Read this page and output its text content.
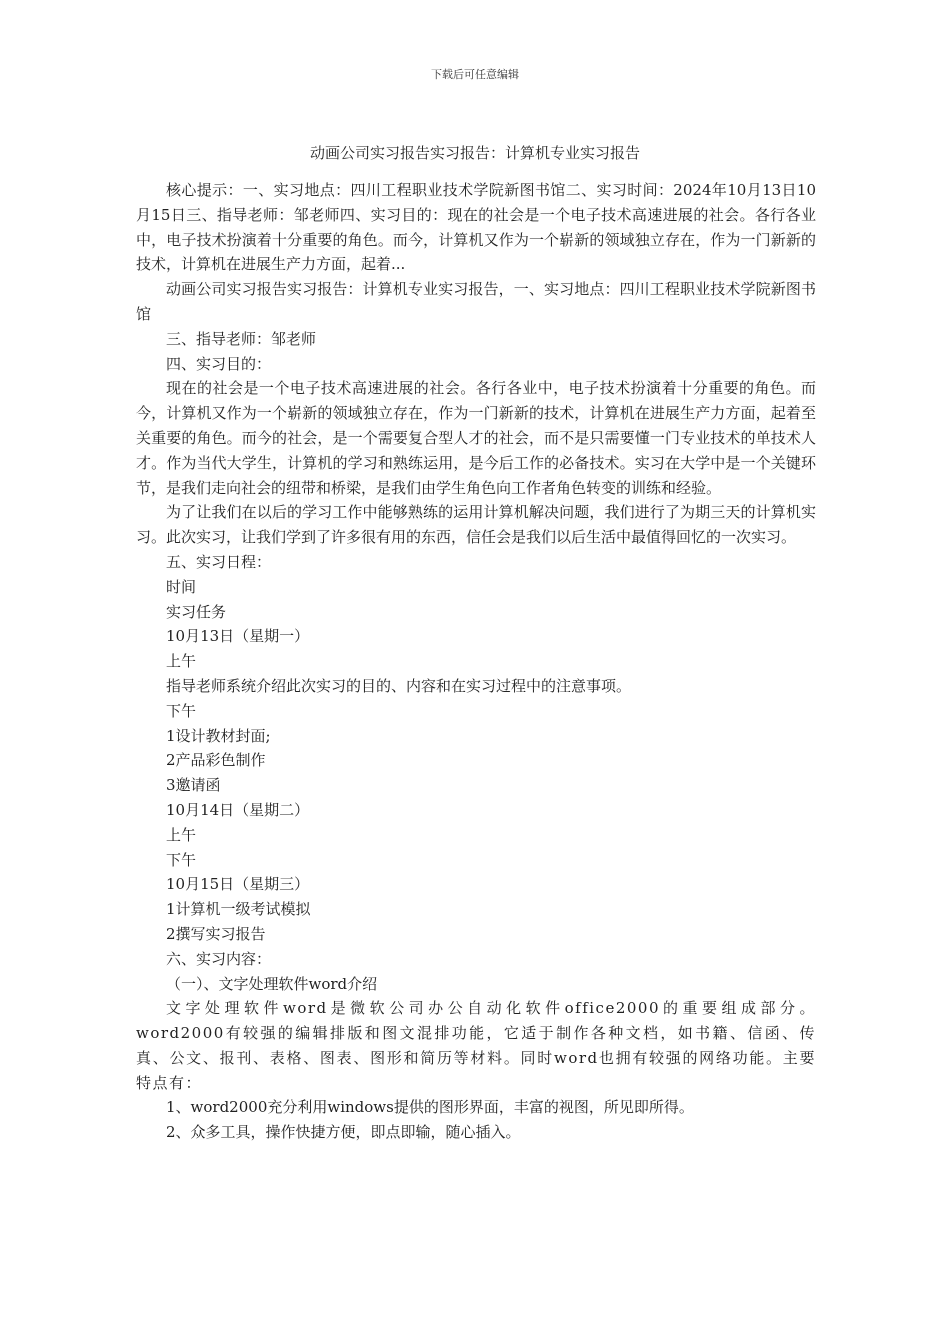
下载后可任意编辑
动画公司实习报告实习报告：计算机专业实习报告

核心提示：一、实习地点：四川工程职业技术学院新图书馆二、实习时间：2024年10月13日10月15日三、指导老师：邹老师四、实习目的：现在的社会是一个电子技术高速进展的社会。各行各业中，电子技术扮演着十分重要的角色。而今，计算机又作为一个崭新的领域独立存在，作为一门新新的技术，计算机在进展生产力方面，起着...

动画公司实习报告实习报告：计算机专业实习报告，一、实习地点：四川工程职业技术学院新图书馆

三、指导老师：邹老师

四、实习目的：

现在的社会是一个电子技术高速进展的社会。各行各业中，电子技术扮演着十分重要的角色。而今，计算机又作为一个崭新的领域独立存在，作为一门新新的技术，计算机在进展生产力方面，起着至关重要的角色。而今的社会，是一个需要复合型人才的社会，而不是只需要懂一门专业技术的单技术人才。作为当代大学生，计算机的学习和熟练运用，是今后工作的必备技术。实习在大学中是一个关键环节，是我们走向社会的纽带和桥梁，是我们由学生角色向工作者角色转变的训练和经验。

为了让我们在以后的学习工作中能够熟练的运用计算机解决问题，我们进行了为期三天的计算机实习。此次实习，让我们学到了许多很有用的东西，信任会是我们以后生活中最值得回忆的一次实习。

五、实习日程：

时间

实习任务

10月13日（星期一）

上午

指导老师系统介绍此次实习的目的、内容和在实习过程中的注意事项。

下午

1设计教材封面;

2产品彩色制作

3邀请函

10月14日（星期二）

上午

下午

10月15日（星期三）

1计算机一级考试模拟

2撰写实习报告

六、实习内容：

（一）、文字处理软件word介绍

文字处理软件word是微软公司办公自动化软件office2000的重要组成部分。word2000有较强的编辑排版和图文混排功能，它适于制作各种文档，如书籍、信函、传真、公文、报刊、表格、图表、图形和简历等材料。同时word也拥有较强的网络功能。主要特点有：

1、word2000充分利用windows提供的图形界面，丰富的视图，所见即所得。

2、众多工具，操作快捷方便，即点即输，随心插入。
